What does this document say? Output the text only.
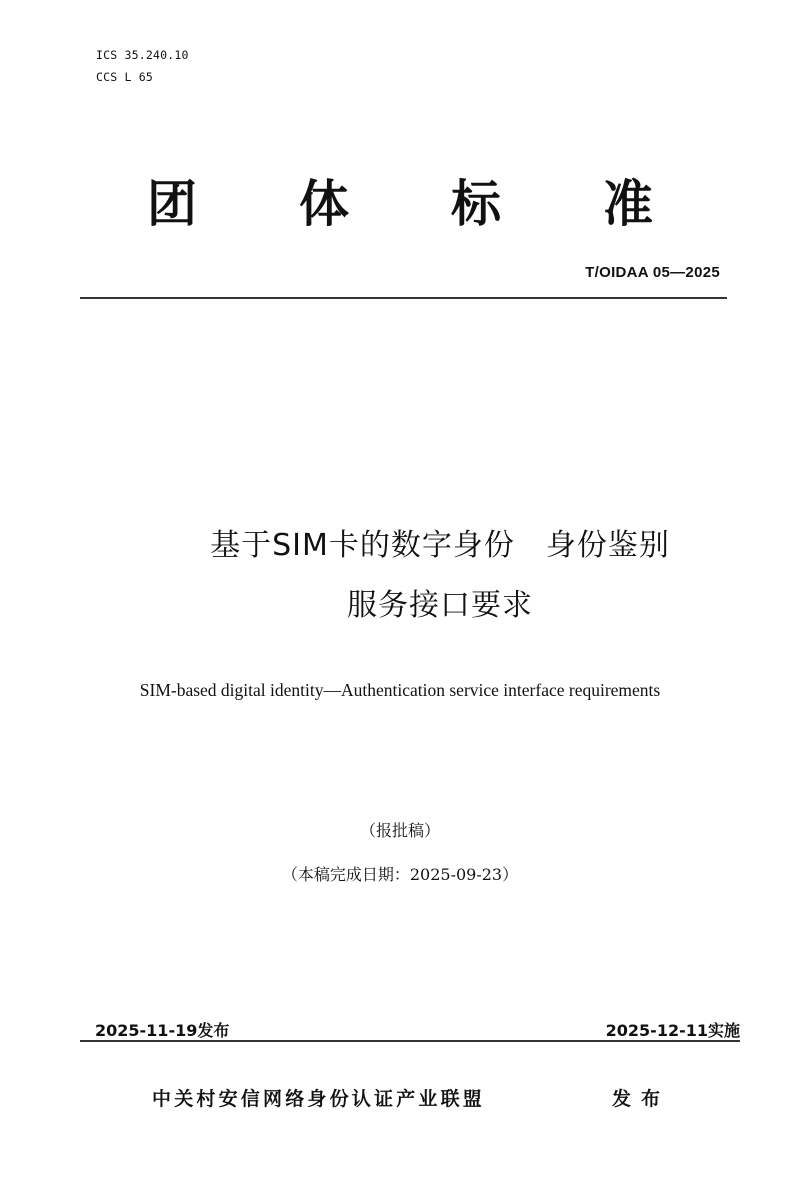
ICS 35.240.10
CCS L 65
团	体	标	准
T/OIDAA 05—2025
基于SIM卡的数字身份　身份鉴别
服务接口要求
SIM-based digital identity—Authentication service interface requirements
（报批稿）
（本稿完成日期：2025-09-23）
2025-11-19发布	2025-12-11实施
中关村安信网络身份认证产业联盟	发布
